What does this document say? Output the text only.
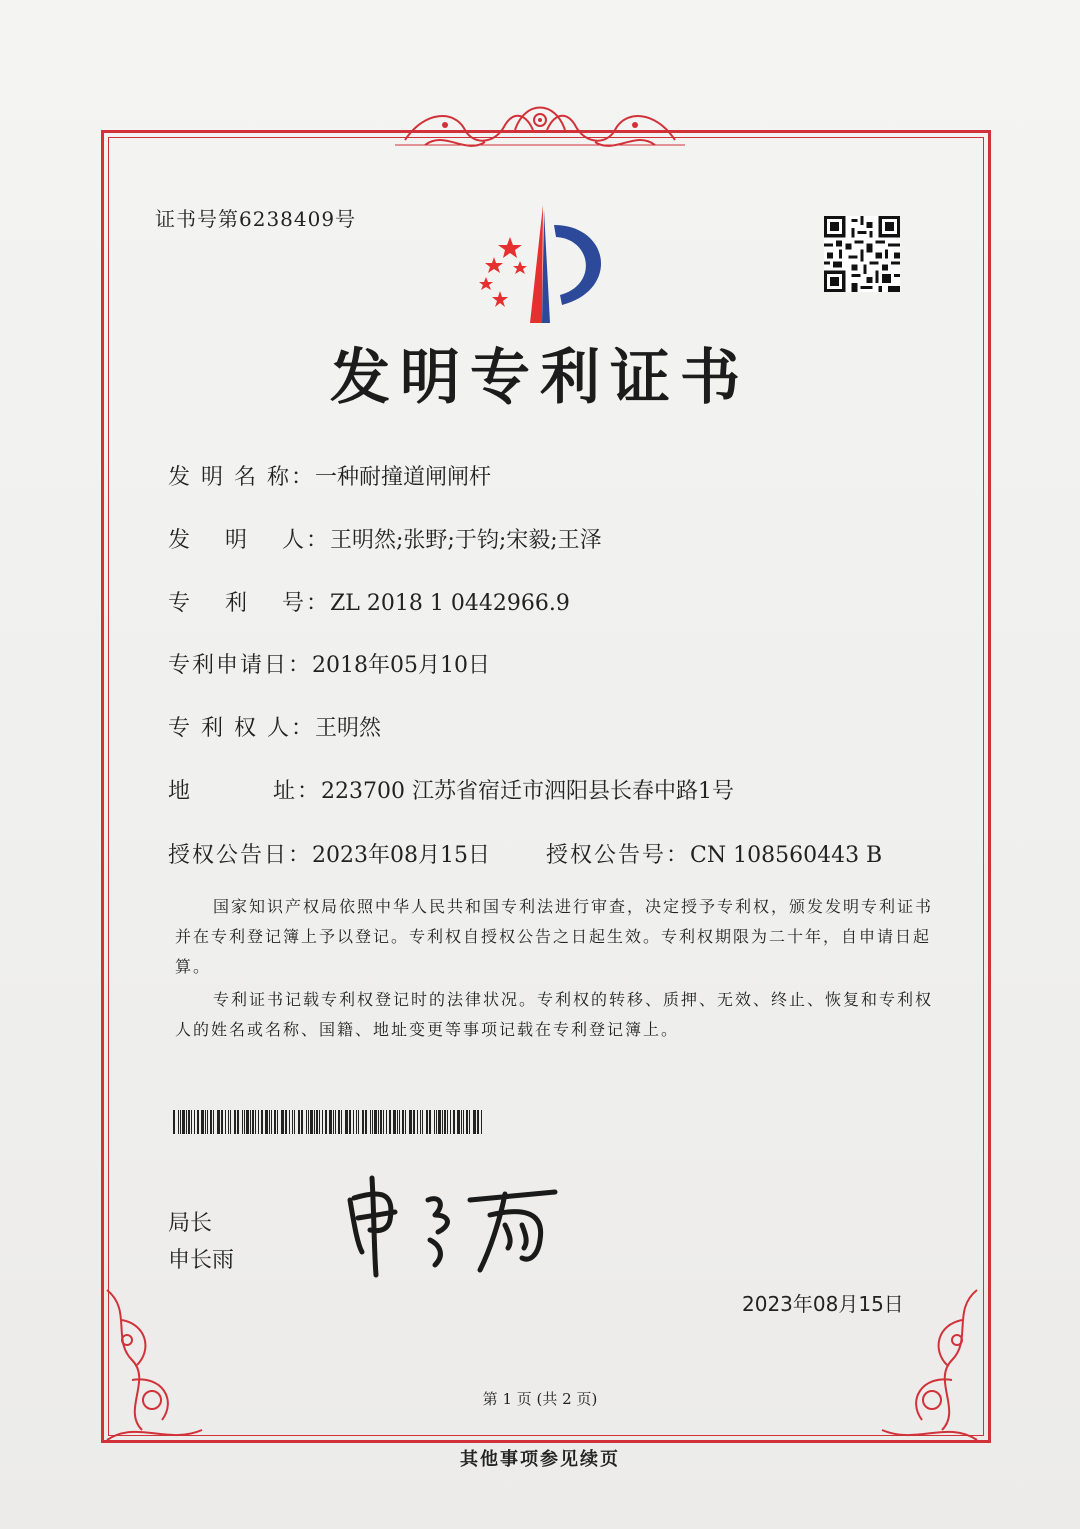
证书号第6238409号
发明专利证书
发 明 名 称：一种耐撞道闸闸杆
发　 明　 人：王明然;张野;于钧;宋毅;王泽
专　 利　 号：ZL 2018 1 0442966.9
专利申请日：2018年05月10日
专 利 权 人：王明然
地　　　 址：223700 江苏省宿迁市泗阳县长春中路1号
授权公告日：2023年08月15日	授权公告号：CN 108560443 B
国家知识产权局依照中华人民共和国专利法进行审查，决定授予专利权，颁发发明专利证书并在专利登记簿上予以登记。专利权自授权公告之日起生效。专利权期限为二十年，自申请日起算。
专利证书记载专利权登记时的法律状况。专利权的转移、质押、无效、终止、恢复和专利权人的姓名或名称、国籍、地址变更等事项记载在专利登记簿上。
局长
申长雨
2023年08月15日
第 1 页 (共 2 页)
其他事项参见续页
